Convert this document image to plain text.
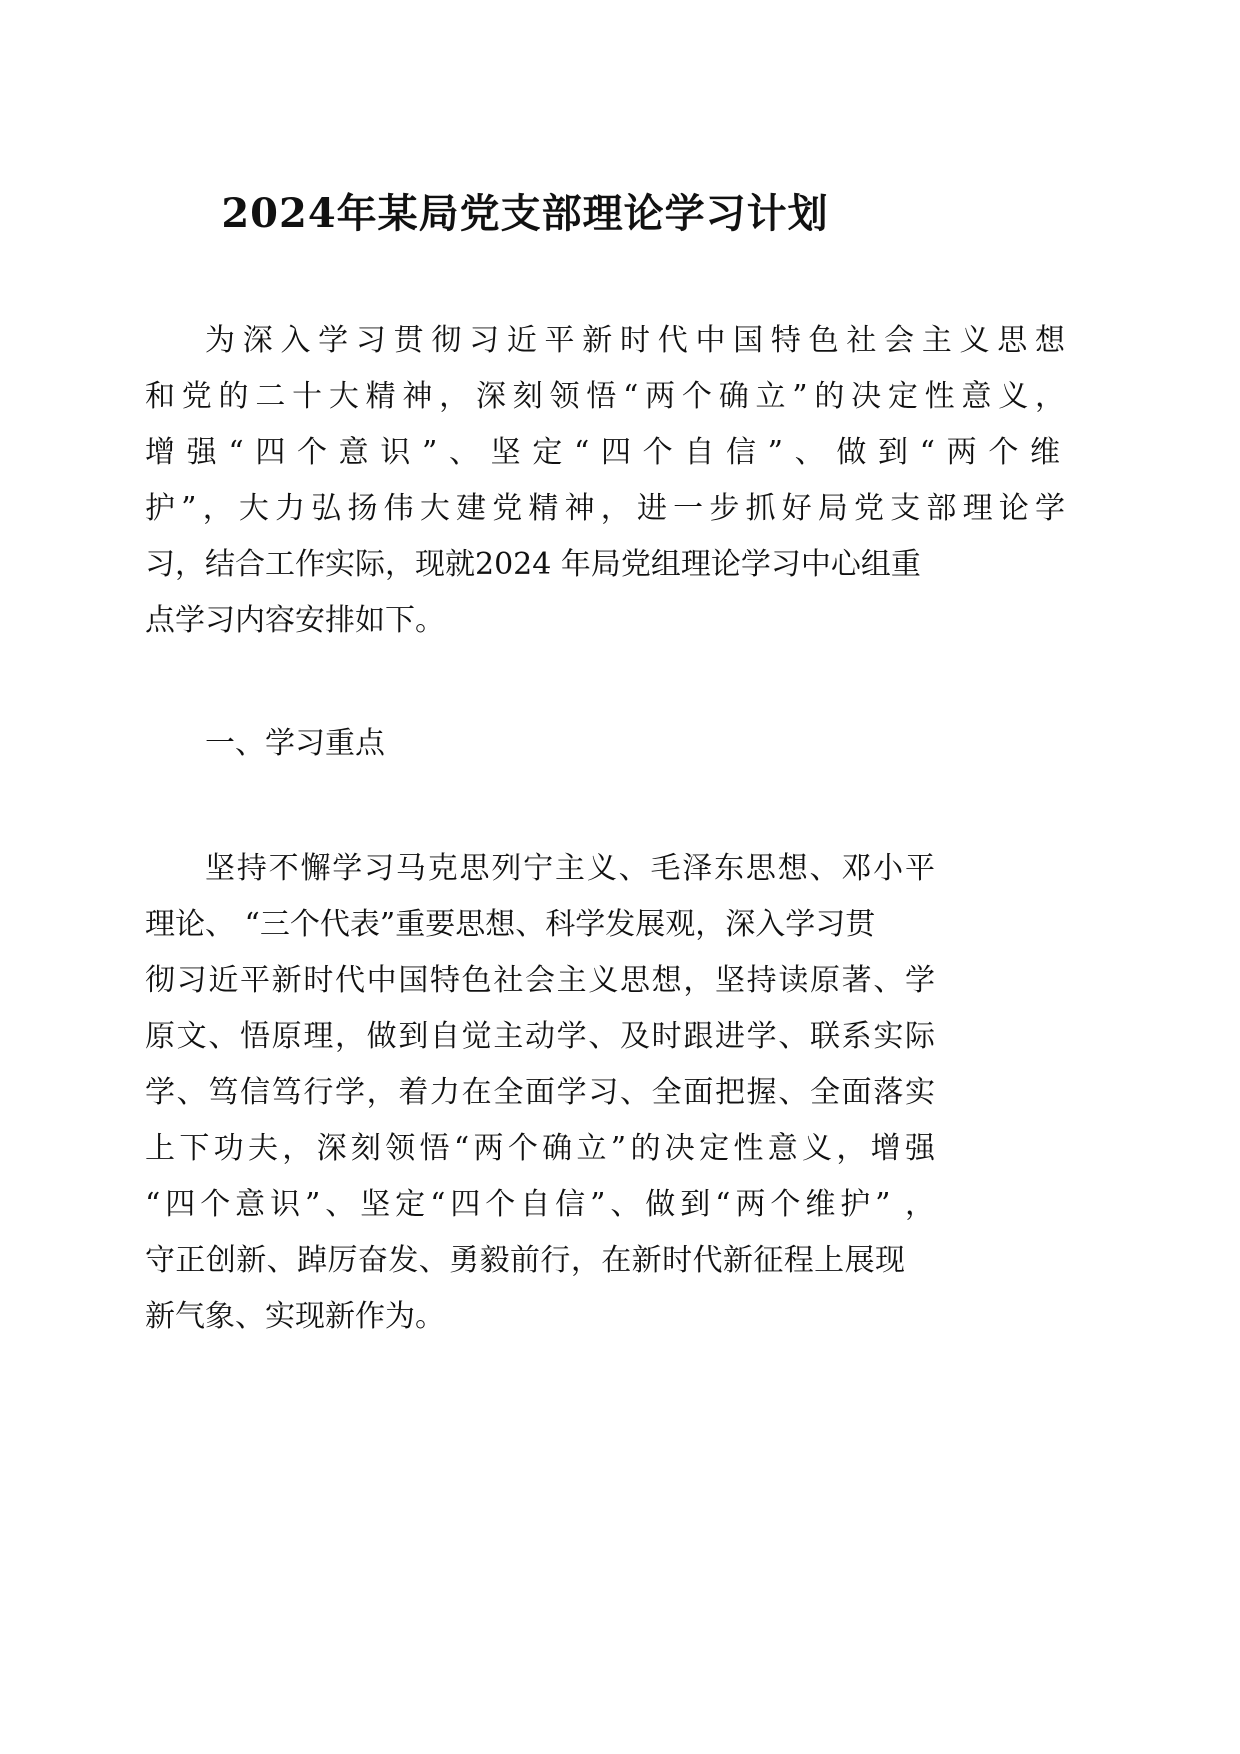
2024年某局党支部理论学习计划
为深入学习贯彻习近平新时代中国特色社会主义思想
和党的二十大精神，深刻领悟“两个确立”的决定性意义，
增强“四个意识”、坚定“四个自信”、做到“两个维
护”，大力弘扬伟大建党精神，进一步抓好局党支部理论学
习，结合工作实际，现就2024 年局党组理论学习中心组重
点学习内容安排如下。
一、学习重点
坚持不懈学习马克思列宁主义、毛泽东思想、邓小平
理论、 “三个代表”重要思想、科学发展观，深入学习贯
彻习近平新时代中国特色社会主义思想，坚持读原著、学
原文、悟原理，做到自觉主动学、及时跟进学、联系实际
学、笃信笃行学，着力在全面学习、全面把握、全面落实
上下功夫，深刻领悟“两个确立”的决定性意义，增强
“四个意识”、坚定“四个自信”、做到“两个维护” ，
守正创新、踔厉奋发、勇毅前行，在新时代新征程上展现
新气象、实现新作为。
